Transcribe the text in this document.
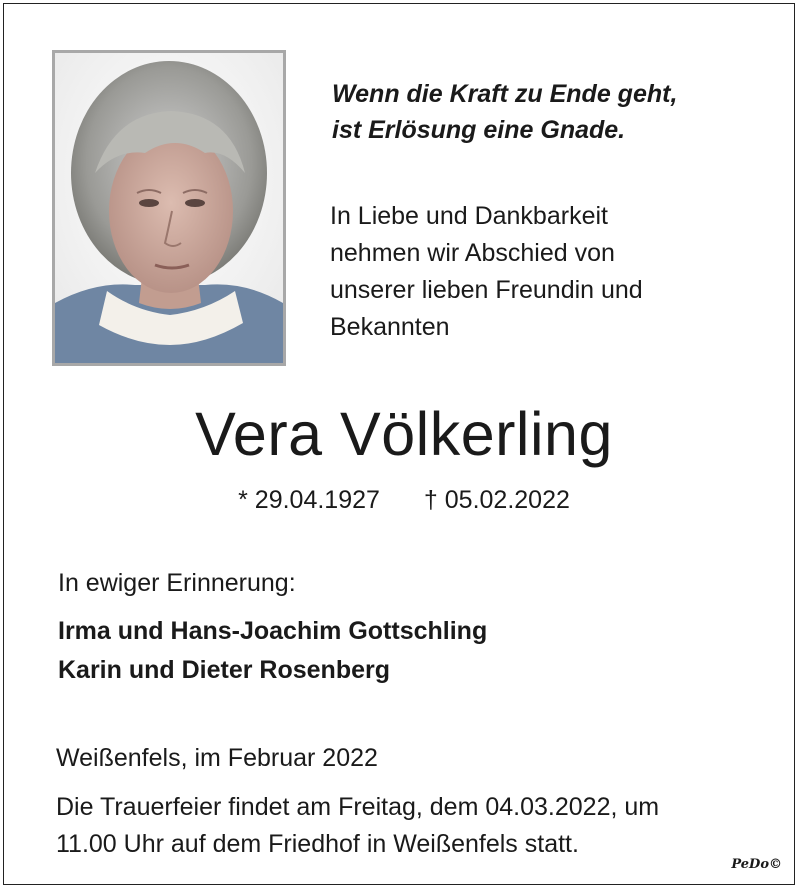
Wenn die Kraft zu Ende geht,
ist Erlösung eine Gnade.
In Liebe und Dankbarkeit
nehmen wir Abschied von
unserer lieben Freundin und
Bekannten
Vera Völkerling
* 29.04.1927 † 05.02.2022
In ewiger Erinnerung:
Irma und Hans-Joachim Gottschling
Karin und Dieter Rosenberg
Weißenfels, im Februar 2022
Die Trauerfeier findet am Freitag, dem 04.03.2022, um
11.00 Uhr auf dem Friedhof in Weißenfels statt.
PeDo©
